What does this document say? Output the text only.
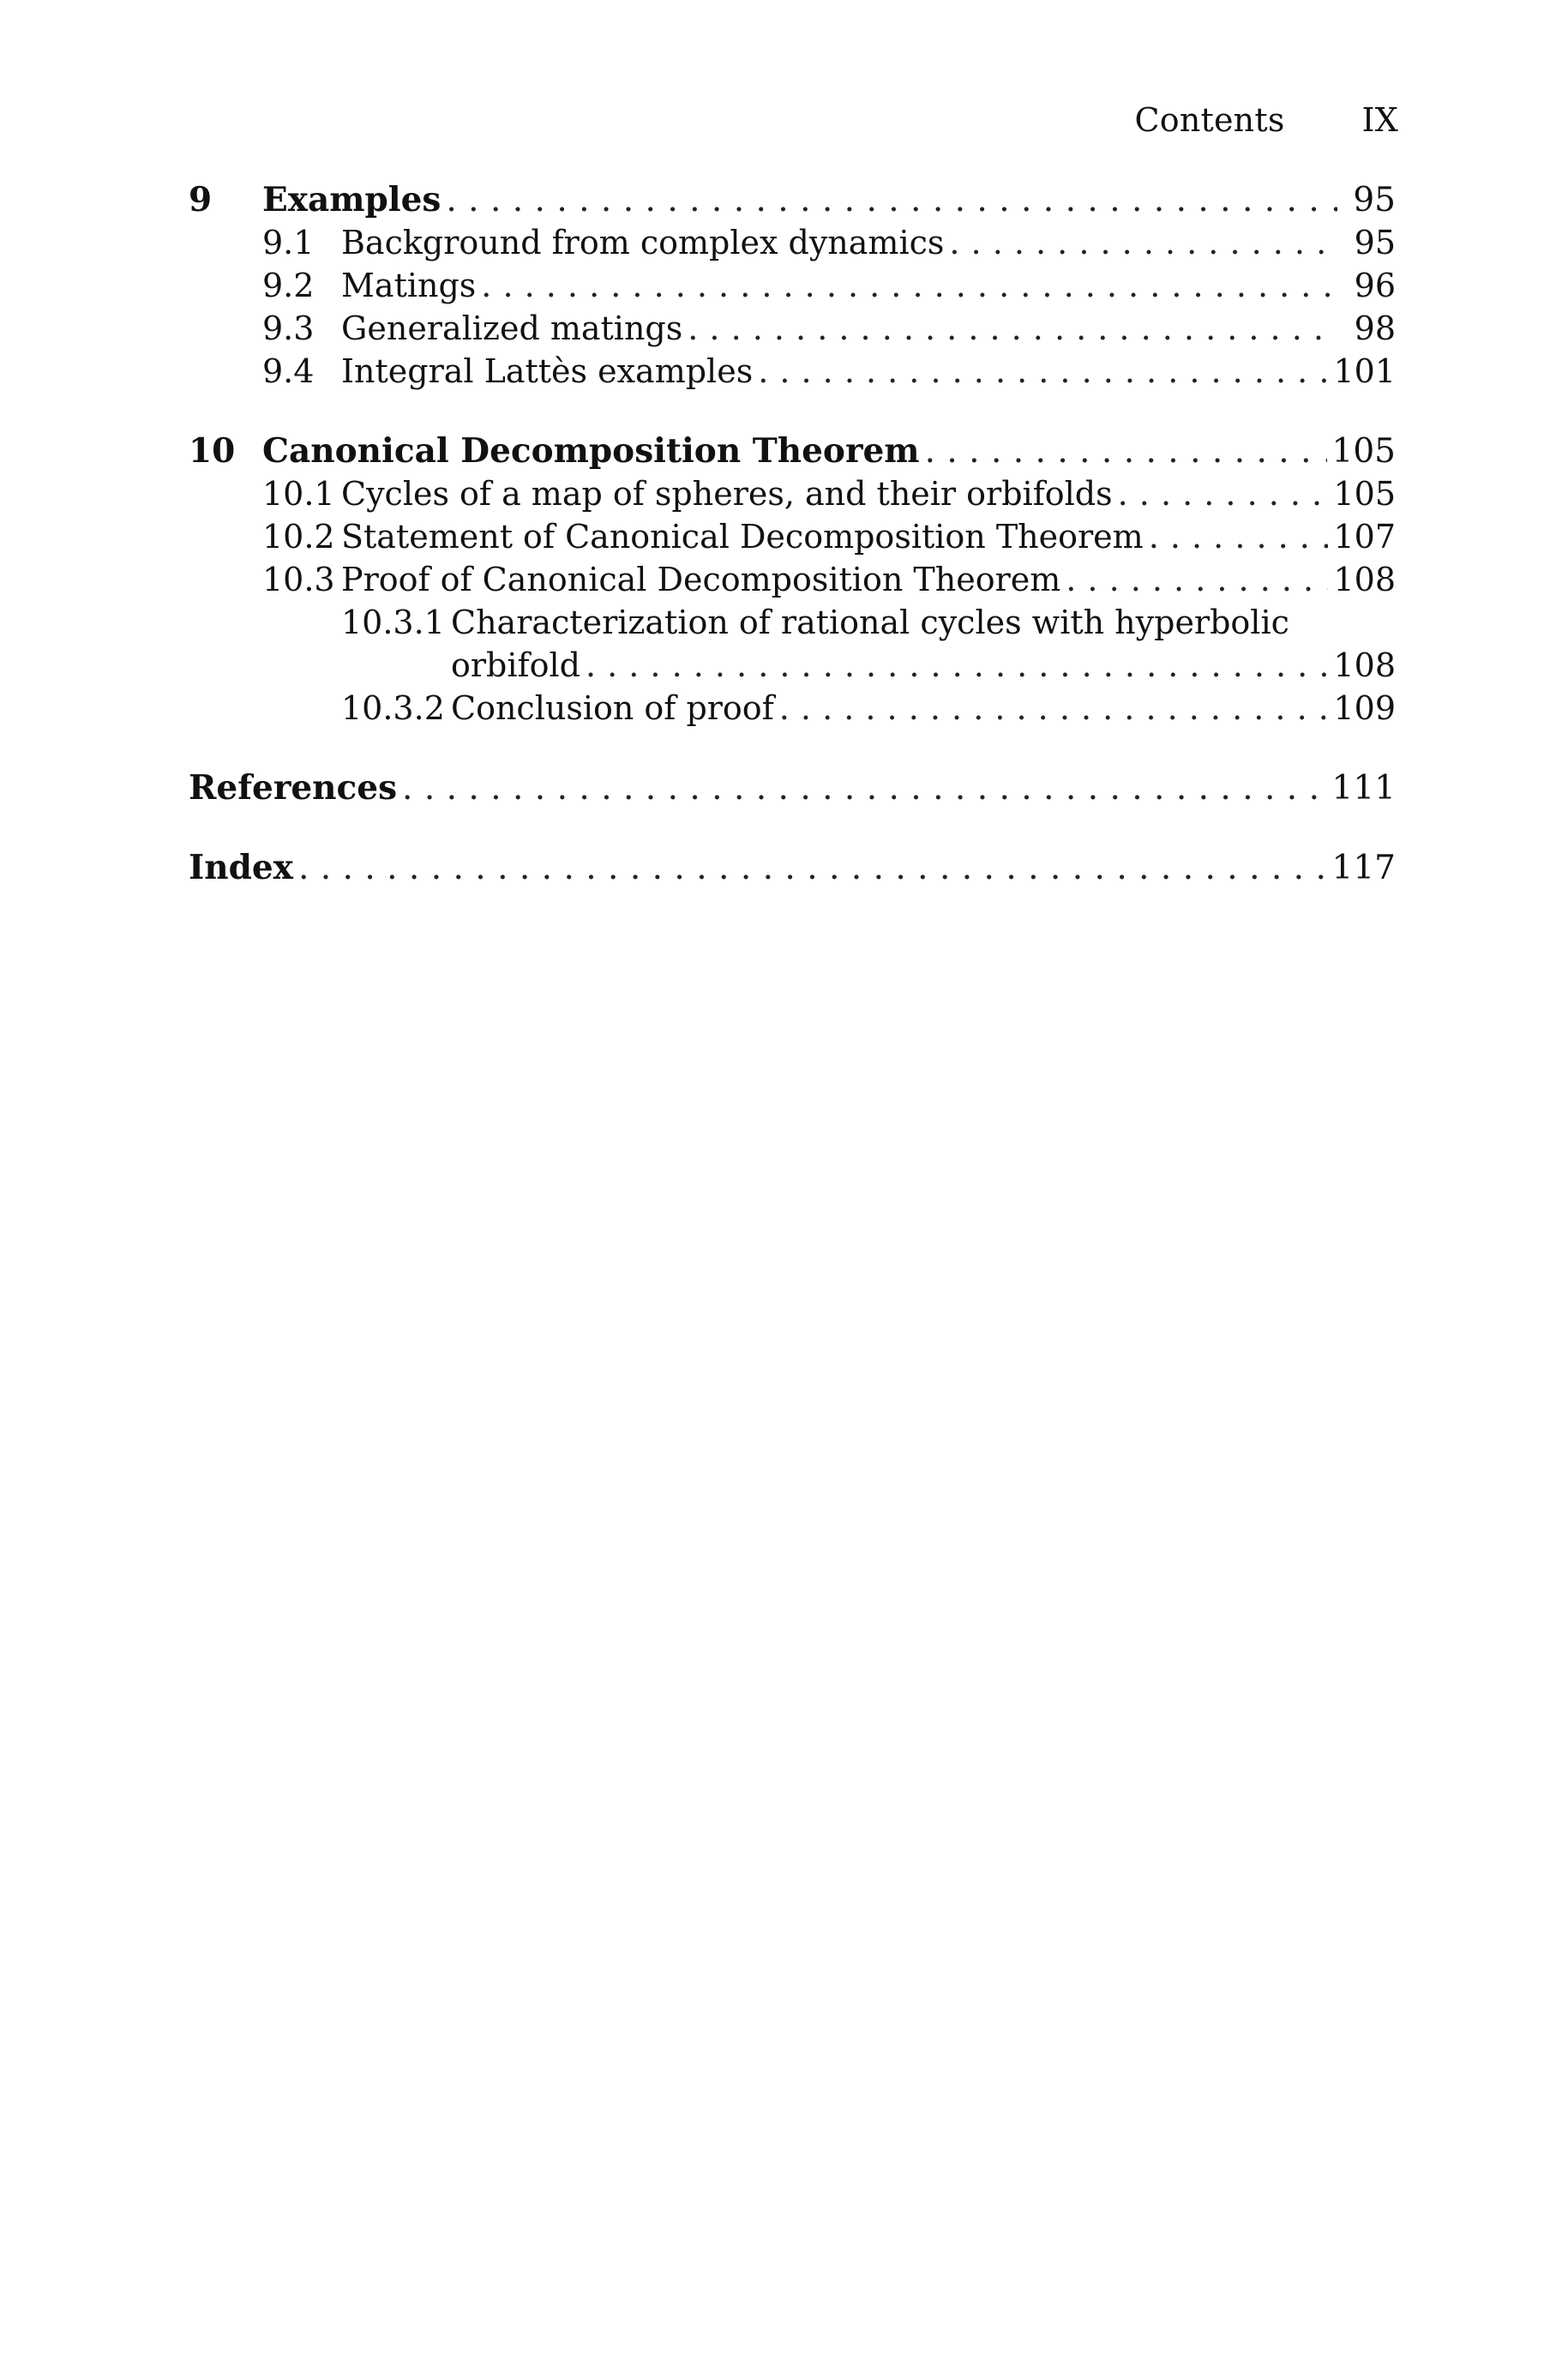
Contents IX
9	Examples . . .	95
9.1 Background from complex dynamics . . .	95
9.2 Matings . . .	96
9.3 Generalized matings . . .	98
9.4 Integral Lattès examples . . .	101
10 Canonical Decomposition Theorem . . .	105
10.1 Cycles of a map of spheres, and their orbifolds . . .	105
10.2 Statement of Canonical Decomposition Theorem . . .	107
10.3 Proof of Canonical Decomposition Theorem . . .	108
10.3.1 Characterization of rational cycles with hyperbolic
orbifold . . .	108
10.3.2 Conclusion of proof . . .	109
References . . .	111
Index . . .	117
